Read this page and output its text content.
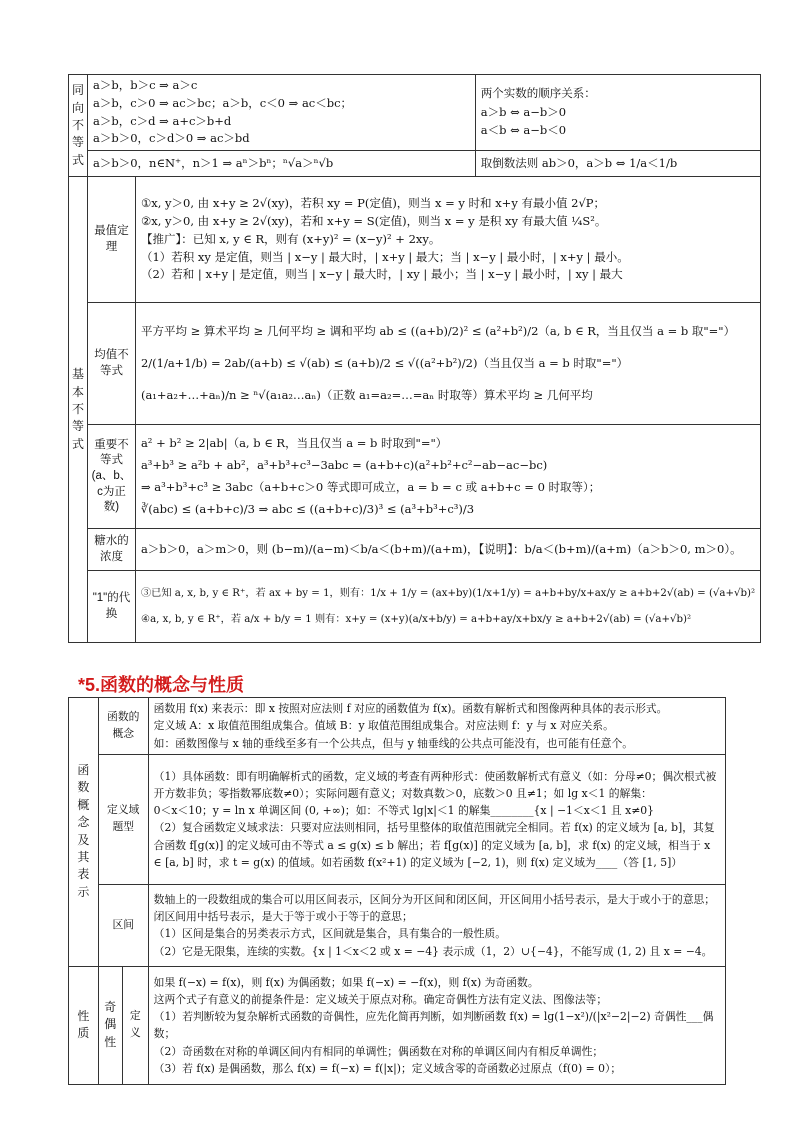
同向不等式	a＞b，b＞c ⇒ a＞c
a＞b，c＞0 ⇒ ac＞bc；a＞b，c＜0 ⇒ ac＜bc；
a＞b，c＞d ⇒ a+c＞b+d
a＞b＞0，c＞d＞0 ⇒ ac＞bd		两个实数的顺序关系：
a＞b ⇔ a−b＞0
a＜b ⇔ a−b＜0

	a＞b＞0，n∈N⁺，n＞1 ⇒ aⁿ＞bⁿ；ⁿ√a＞ⁿ√b		取倒数法则 ab＞0，a＞b ⇔ 1/a＜1/b
基本不等式	最值定理	①x, y＞0, 由 x+y ≥ 2√(xy)，若积 xy = P(定值)，则当 x = y 时和 x+y 有最小值 2√P；
②x, y＞0, 由 x+y ≥ 2√(xy)，若和 x+y = S(定值)，则当 x = y 是积 xy 有最大值 ¼S²。
【推广】：已知 x, y ∈ R，则有 (x+y)² = (x−y)² + 2xy。
（1）若积 xy 是定值，则当 | x−y | 最大时，| x+y | 最大；当 | x−y | 最小时，| x+y | 最小。
（2）若和 | x+y | 是定值，则当 | x−y | 最大时，| xy | 最小；当 | x−y | 最小时，| xy | 最大	

	均值不等式	平方平均 ≥ 算术平均 ≥ 几何平均 ≥ 调和平均 ab ≤ ((a+b)/2)² ≤ (a²+b²)/2（a, b ∈ R，当且仅当 a = b 取"="）
2/(1/a+1/b) = 2ab/(a+b) ≤ √(ab) ≤ (a+b)/2 ≤ √((a²+b²)/2)（当且仅当 a = b 时取"="）
(a₁+a₂+…+aₙ)/n ≥ ⁿ√(a₁a₂…aₙ)（正数 a₁=a₂=…=aₙ 时取等）算术平均 ≥ 几何平均	

	重要不等式(a、b、c为正数)	a² + b² ≥ 2|ab|（a, b ∈ R，当且仅当 a = b 时取到"="）
a³+b³ ≥ a²b + ab²，a³+b³+c³−3abc = (a+b+c)(a²+b²+c²−ab−ac−bc)
⇒ a³+b³+c³ ≥ 3abc（a+b+c＞0 等式即可成立，a = b = c 或 a+b+c = 0 时取等）；
∛(abc) ≤ (a+b+c)/3 ⇒ abc ≤ ((a+b+c)/3)³ ≤ (a³+b³+c³)/3	

	糖水的浓度	a＞b＞0，a＞m＞0，则 (b−m)/(a−m)＜b/a＜(b+m)/(a+m)，【说明】：b/a＜(b+m)/(a+m)（a＞b＞0, m＞0）。	

	"1"的代换	③已知 a, x, b, y ∈ R⁺，若 ax + by = 1，则有：1/x + 1/y = (ax+by)(1/x+1/y) = a+b+by/x+ax/y ≥ a+b+2√(ab) = (√a+√b)²
④a, x, b, y ∈ R⁺，若 a/x + b/y = 1 则有：x+y = (x+y)(a/x+b/y) = a+b+ay/x+bx/y ≥ a+b+2√(ab) = (√a+√b)²	
*5.函数的概念与性质
函数概念及其表示	函数的概念		函数用 f(x) 来表示：即 x 按照对应法则 f 对应的函数值为 f(x)。函数有解析式和图像两种具体的表示形式。
定义域 A：x 取值范围组成集合。值域 B：y 取值范围组成集合。对应法则 f：y 与 x 对应关系。
如：函数图像与 x 轴的垂线至多有一个公共点，但与 y 轴垂线的公共点可能没有，也可能有任意个。

	定义域题型		（1）具体函数：即有明确解析式的函数，定义域的考查有两种形式：使函数解析式有意义（如：分母≠0；偶次根式被开方数非负；零指数幂底数≠0）；实际问题有意义；对数真数＞0，底数＞0 且≠1；如 lg x＜1 的解集：
0＜x＜10；y = ln x 单调区间 (0, +∞)；如：不等式 lg|x|＜1 的解集________{x | −1＜x＜1 且 x≠0}
（2）复合函数定义域求法：只要对应法则相同，括号里整体的取值范围就完全相同。若 f(x) 的定义域为 [a, b]，其复合函数 f[g(x)] 的定义域可由不等式 a ≤ g(x) ≤ b 解出；若 f[g(x)] 的定义域为 [a, b]，求 f(x) 的定义域，相当于 x ∈ [a, b] 时，求 t = g(x) 的值域。如若函数 f(x²+1) 的定义域为 [−2, 1)，则 f(x) 定义域为____（答 [1, 5]）

	区间		数轴上的一段数组成的集合可以用区间表示，区间分为开区间和闭区间，开区间用小括号表示，是大于或小于的意思；闭区间用中括号表示，是大于等于或小于等于的意思；
（1）区间是集合的另类表示方式，区间就是集合，具有集合的一般性质。
（2）它是无限集，连续的实数。{x | 1＜x＜2 或 x = −4} 表示成（1，2）∪{−4}，不能写成 (1, 2) 且 x = −4。

性质	奇偶性	定义	如果 f(−x) = f(x)，则 f(x) 为偶函数；如果 f(−x) = −f(x)，则 f(x) 为奇函数。
这两个式子有意义的前提条件是：定义域关于原点对称。确定奇偶性方法有定义法、图像法等；
（1）若判断较为复杂解析式函数的奇偶性，应先化简再判断，如判断函数 f(x) = lg(1−x²)/(|x²−2|−2) 奇偶性___偶数；
（2）奇函数在对称的单调区间内有相同的单调性；偶函数在对称的单调区间内有相反单调性；
（3）若 f(x) 是偶函数，那么 f(x) = f(−x) = f(|x|)；定义域含零的奇函数必过原点（f(0) = 0）；
